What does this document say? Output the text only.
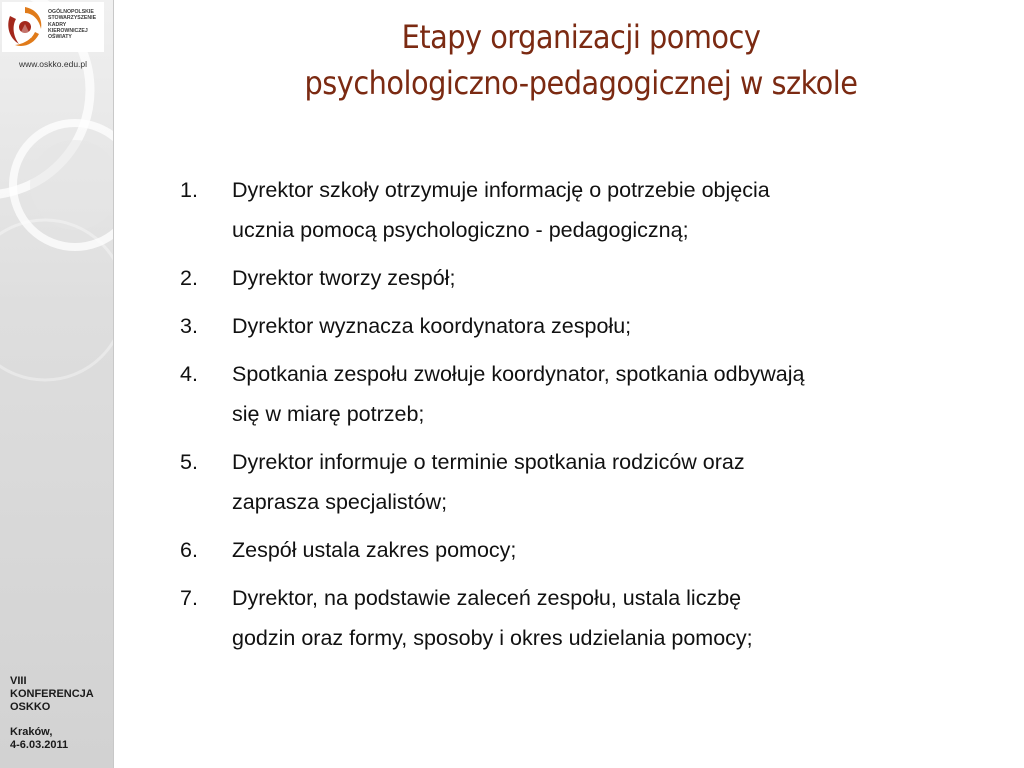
OGÓLNOPOLSKIE
STOWARZYSZENIE
KADRY
KIEROWNICZEJ
OŚWIATY
www.oskko.edu.pl
VIII
KONFERENCJA
OSKKO
Kraków,
4-6.03.2011
Etapy organizacji pomocy
psychologiczno-pedagogicznej w szkole
1. Dyrektor szkoły otrzymuje informację o potrzebie objęcia
ucznia pomocą psychologiczno - pedagogiczną;
2. Dyrektor tworzy zespół;
3. Dyrektor wyznacza koordynatora zespołu;
4. Spotkania zespołu zwołuje koordynator, spotkania odbywają
się w miarę potrzeb;
5. Dyrektor informuje o terminie spotkania rodziców oraz
zaprasza specjalistów;
6. Zespół ustala zakres pomocy;
7. Dyrektor, na podstawie zaleceń zespołu, ustala liczbę
godzin oraz formy, sposoby i okres udzielania pomocy;
